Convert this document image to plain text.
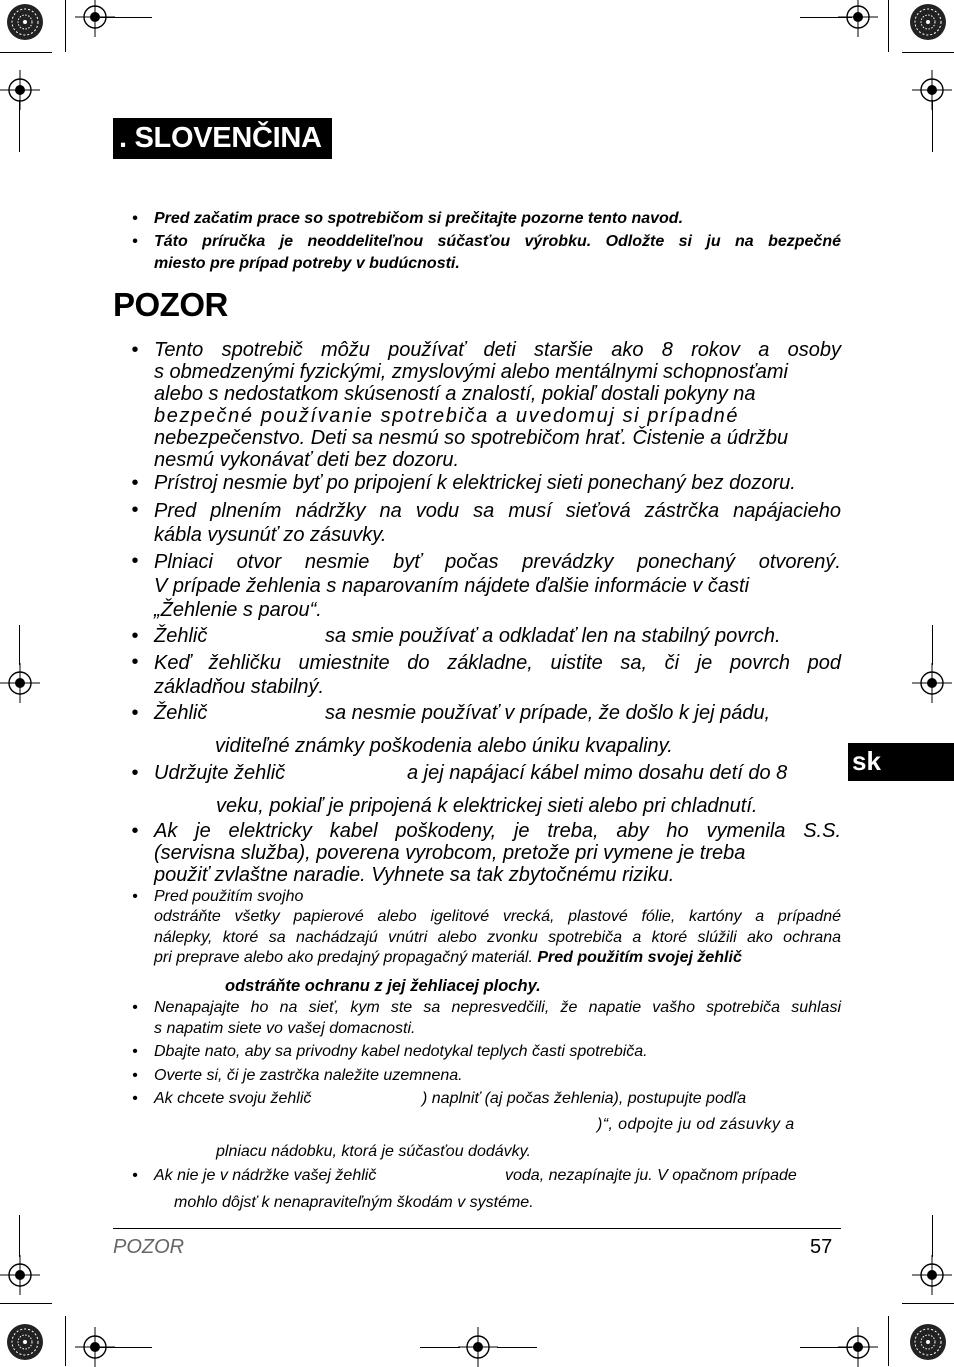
. SLOVENČINA
sk
• Pred začatim prace so spotrebičom si prečitajte pozorne tento navod.
• Táto príručka je neoddeliteľnou súčasťou výrobku. Odložte si ju na bezpečné
miesto pre prípad potreby v budúcnosti.
POZOR
• Tento spotrebič môžu používať deti staršie ako 8 rokov a osoby
s obmedzenými fyzickými, zmyslovými alebo mentálnymi schopnosťami
alebo s nedostatkom skúseností a znalostí, pokiaľ dostali pokyny na
bezpečné používanie spotrebiča a uvedomuj si prípadné
nebezpečenstvo. Deti sa nesmú so spotrebičom hrať. Čistenie a údržbu
nesmú vykonávať deti bez dozoru.
• Prístroj nesmie byť po pripojení k elektrickej sieti ponechaný bez dozoru.
• Pred plnením nádržky na vodu sa musí sieťová zástrčka napájacieho
kábla vysunúť zo zásuvky.
• Plniaci otvor nesmie byť počas prevádzky ponechaný otvorený.
V prípade žehlenia s naparovaním nájdete ďalšie informácie v časti
„Žehlenie s parou“.
• Žehlič	sa smie používať a odkladať len na stabilný povrch.
• Keď žehličku umiestnite do základne, uistite sa, či je povrch pod
základňou stabilný.
• Žehlič	sa nesmie používať v prípade, že došlo k jej pádu,
viditeľné známky poškodenia alebo úniku kvapaliny.
• Udržujte žehlič	a jej napájací kábel mimo dosahu detí do 8
veku, pokiaľ je pripojená k elektrickej sieti alebo pri chladnutí.
• Ak je elektricky kabel poškodeny, je treba, aby ho vymenila S.S.
(servisna služba), poverena vyrobcom, pretože pri vymene je treba
použiť zvlaštne naradie. Vyhnete sa tak zbytočnému riziku.
• Pred použitím svojho
odstráňte všetky papierové alebo igelitové vrecká, plastové fólie, kartóny a prípadné
nálepky, ktoré sa nachádzajú vnútri alebo zvonku spotrebiča a ktoré slúžili ako ochrana
pri preprave alebo ako predajný propagačný materiál. Pred použitím svojej žehlič
odstráňte ochranu z jej žehliacej plochy.
• Nenapajajte ho na sieť, kym ste sa nepresvedčili, že napatie vašho spotrebiča suhlasi
s napatim siete vo vašej domacnosti.
• Dbajte nato, aby sa privodny kabel nedotykal teplych časti spotrebiča.
• Overte si, či je zastrčka naležite uzemnena.
• Ak chcete svoju žehlič	) naplniť (aj počas žehlenia), postupujte podľa
)“, odpojte ju od zásuvky a
plniacu nádobku, ktorá je súčasťou dodávky.
• Ak nie je v nádržke vašej žehlič	voda, nezapínajte ju. V opačnom prípade
mohlo dôjsť k nenapraviteľným škodám v systéme.
POZOR	57
